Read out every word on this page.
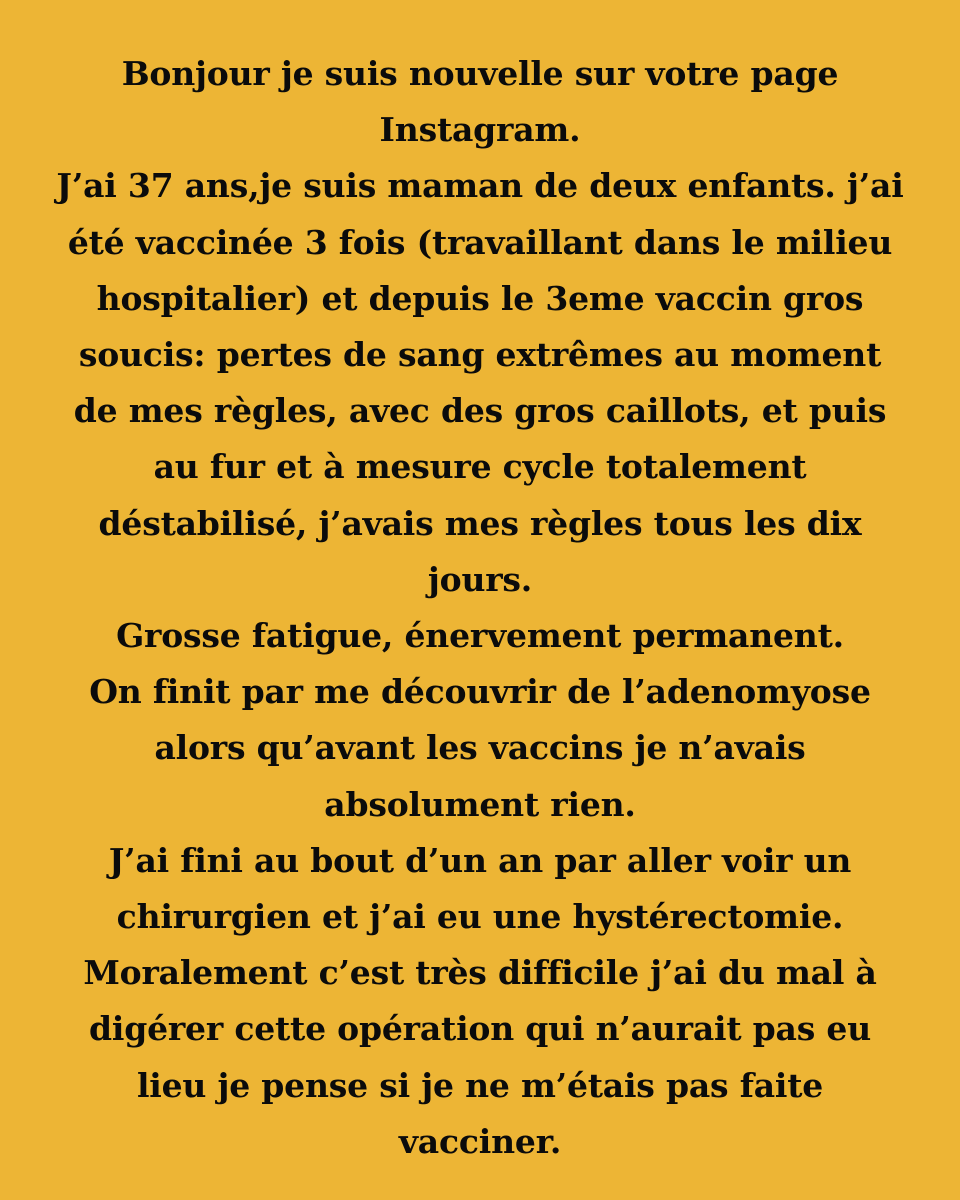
Bonjour je suis nouvelle sur votre page
Instagram.
J’ai 37 ans,je suis maman de deux enfants. j’ai
été vaccinée 3 fois (travaillant dans le milieu
hospitalier) et depuis le 3eme vaccin gros
soucis: pertes de sang extrêmes au moment
de mes règles, avec des gros caillots, et puis
au fur et à mesure cycle totalement
déstabilisé, j’avais mes règles tous les dix
jours.
Grosse fatigue, énervement permanent.
On finit par me découvrir de l’adenomyose
alors qu’avant les vaccins je n’avais
absolument rien.
J’ai fini au bout d’un an par aller voir un
chirurgien et j’ai eu une hystérectomie.
Moralement c’est très difficile j’ai du mal à
digérer cette opération qui n’aurait pas eu
lieu je pense si je ne m’étais pas faite
vacciner.
